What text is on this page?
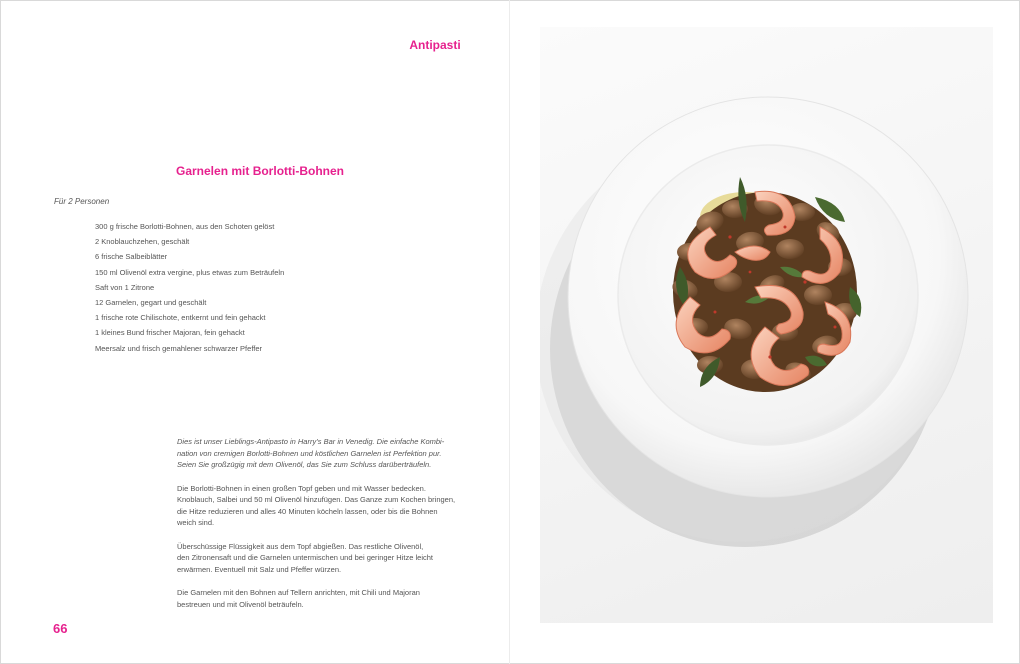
Antipasti
Garnelen mit Borlotti-Bohnen
Für 2 Personen
300 g frische Borlotti-Bohnen, aus den Schoten gelöst
2 Knoblauchzehen, geschält
6 frische Salbeiblätter
150 ml Olivenöl extra vergine, plus etwas zum Beträufeln
Saft von 1 Zitrone
12 Garnelen, gegart und geschält
1 frische rote Chilischote, entkernt und fein gehackt
1 kleines Bund frischer Majoran, fein gehackt
Meersalz und frisch gemahlener schwarzer Pfeffer

Dies ist unser Lieblings-Antipasto in Harry’s Bar in Venedig. Die einfache Kombi-
nation von cremigen Borlotti-Bohnen und köstlichen Garnelen ist Perfektion pur.
Seien Sie großzügig mit dem Olivenöl, das Sie zum Schluss darüberträufeln.

Die Borlotti-Bohnen in einen großen Topf geben und mit Wasser bedecken.
Knoblauch, Salbei und 50 ml Olivenöl hinzufügen. Das Ganze zum Kochen bringen,
die Hitze reduzieren und alles 40 Minuten köcheln lassen, oder bis die Bohnen
weich sind.

Überschüssige Flüssigkeit aus dem Topf abgießen. Das restliche Olivenöl,
den Zitronensaft und die Garnelen untermischen und bei geringer Hitze leicht
erwärmen. Eventuell mit Salz und Pfeffer würzen.

Die Garnelen mit den Bohnen auf Tellern anrichten, mit Chili und Majoran
bestreuen und mit Olivenöl beträufeln.

66
